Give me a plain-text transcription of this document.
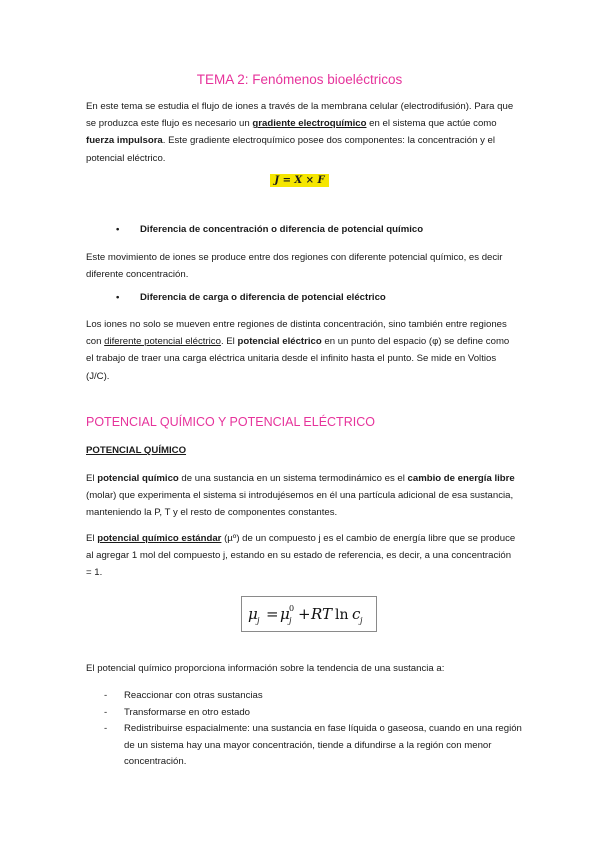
TEMA 2: Fenómenos bioeléctricos

En este tema se estudia el flujo de iones a través de la membrana celular (electrodifusión). Para que se produzca este flujo es necesario un gradiente electroquímico en el sistema que actúe como fuerza impulsora. Este gradiente electroquímico posee dos componentes: la concentración y el potencial eléctrico.

J = X × F
• Diferencia de concentración o diferencia de potencial químico

Este movimiento de iones se produce entre dos regiones con diferente potencial químico, es decir diferente concentración.

• Diferencia de carga o diferencia de potencial eléctrico

Los iones no solo se mueven entre regiones de distinta concentración, sino también entre regiones con diferente potencial eléctrico. El potencial eléctrico en un punto del espacio (φ) se define como el trabajo de traer una carga eléctrica unitaria desde el infinito hasta el punto. Se mide en Voltios (J/C).

POTENCIAL QUÍMICO Y POTENCIAL ELÉCTRICO
POTENCIAL QUÍMICO

El potencial químico de una sustancia en un sistema termodinámico es el cambio de energía libre (molar) que experimenta el sistema si introdujésemos en él una partícula adicional de esa sustancia, manteniendo la P, T y el resto de componentes constantes.

El potencial químico estándar (µº) de un compuesto j es el cambio de energía libre que se produce al agregar 1 mol del compuesto j, estando en su estado de referencia, es decir, a una concentración = 1.

μ j = μ 0
j + RT ln c j

El potencial químico proporciona información sobre la tendencia de una sustancia a:

-	Reaccionar con otras sustancias
-	Transformarse en otro estado
-	Redistribuirse espacialmente: una sustancia en fase líquida o gaseosa, cuando en una región de un sistema hay una mayor concentración, tiende a difundirse a la región con menor concentración.
